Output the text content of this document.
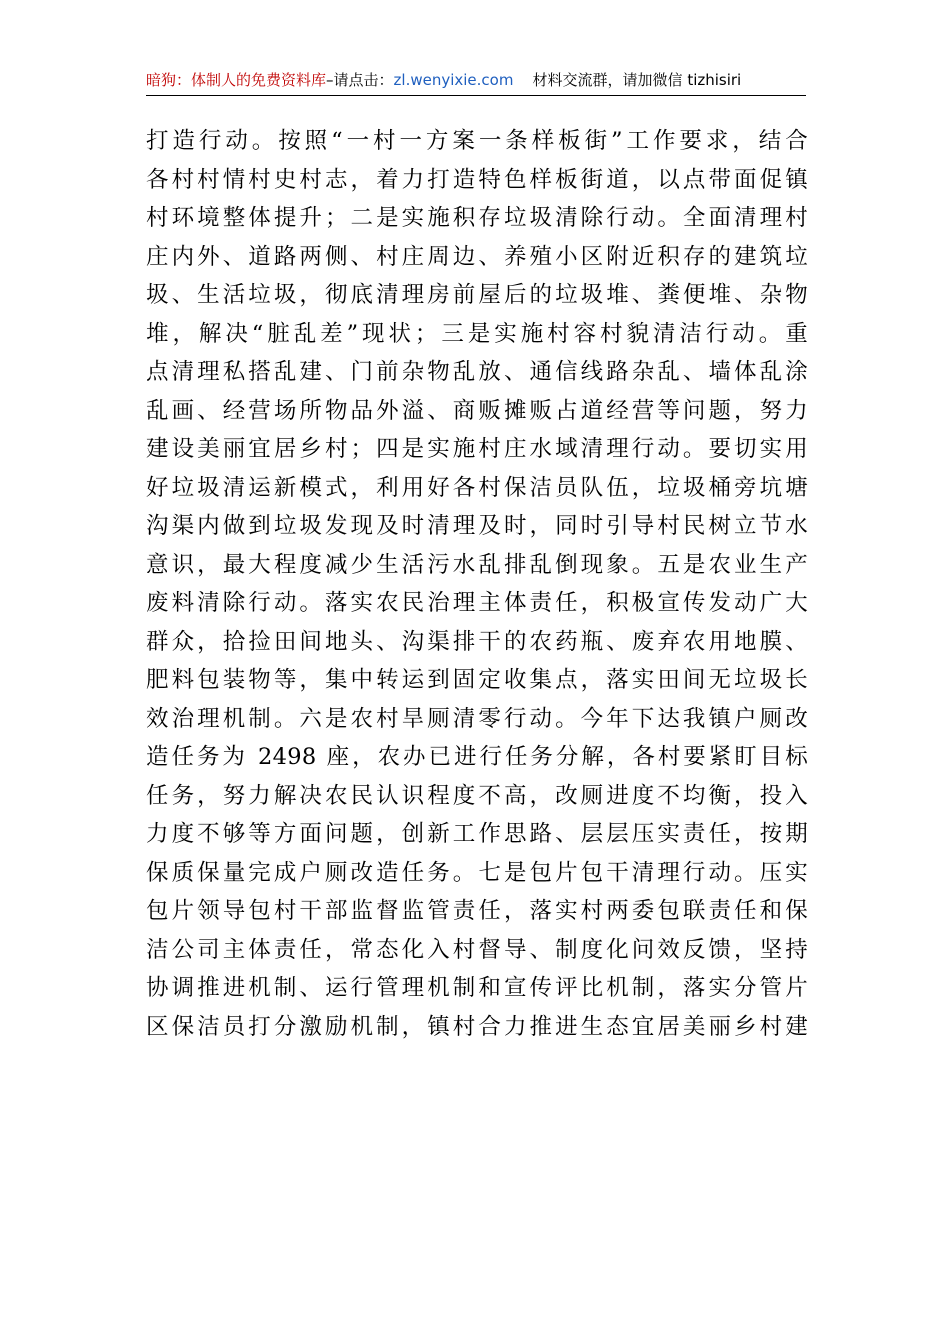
暗狗：体制人的免费资料库–请点击：zl.wenyixie.com 材料交流群，请加微信 tizhisiri
打造行动。按照“一村一方案一条样板街”工作要求，结合
各村村情村史村志，着力打造特色样板街道，以点带面促镇
村环境整体提升；二是实施积存垃圾清除行动。全面清理村
庄内外、道路两侧、村庄周边、养殖小区附近积存的建筑垃
圾、生活垃圾，彻底清理房前屋后的垃圾堆、粪便堆、杂物
堆，解决“脏乱差”现状；三是实施村容村貌清洁行动。重
点清理私搭乱建、门前杂物乱放、通信线路杂乱、墙体乱涂
乱画、经营场所物品外溢、商贩摊贩占道经营等问题，努力
建设美丽宜居乡村；四是实施村庄水域清理行动。要切实用
好垃圾清运新模式，利用好各村保洁员队伍，垃圾桶旁坑塘
沟渠内做到垃圾发现及时清理及时，同时引导村民树立节水
意识，最大程度减少生活污水乱排乱倒现象。五是农业生产
废料清除行动。落实农民治理主体责任，积极宣传发动广大
群众，拾捡田间地头、沟渠排干的农药瓶、废弃农用地膜、
肥料包装物等，集中转运到固定收集点，落实田间无垃圾长
效治理机制。六是农村旱厕清零行动。今年下达我镇户厕改
造任务为 2498 座，农办已进行任务分解，各村要紧盯目标
任务，努力解决农民认识程度不高，改厕进度不均衡，投入
力度不够等方面问题，创新工作思路、层层压实责任，按期
保质保量完成户厕改造任务。七是包片包干清理行动。压实
包片领导包村干部监督监管责任，落实村两委包联责任和保
洁公司主体责任，常态化入村督导、制度化问效反馈，坚持
协调推进机制、运行管理机制和宣传评比机制，落实分管片
区保洁员打分激励机制，镇村合力推进生态宜居美丽乡村建
